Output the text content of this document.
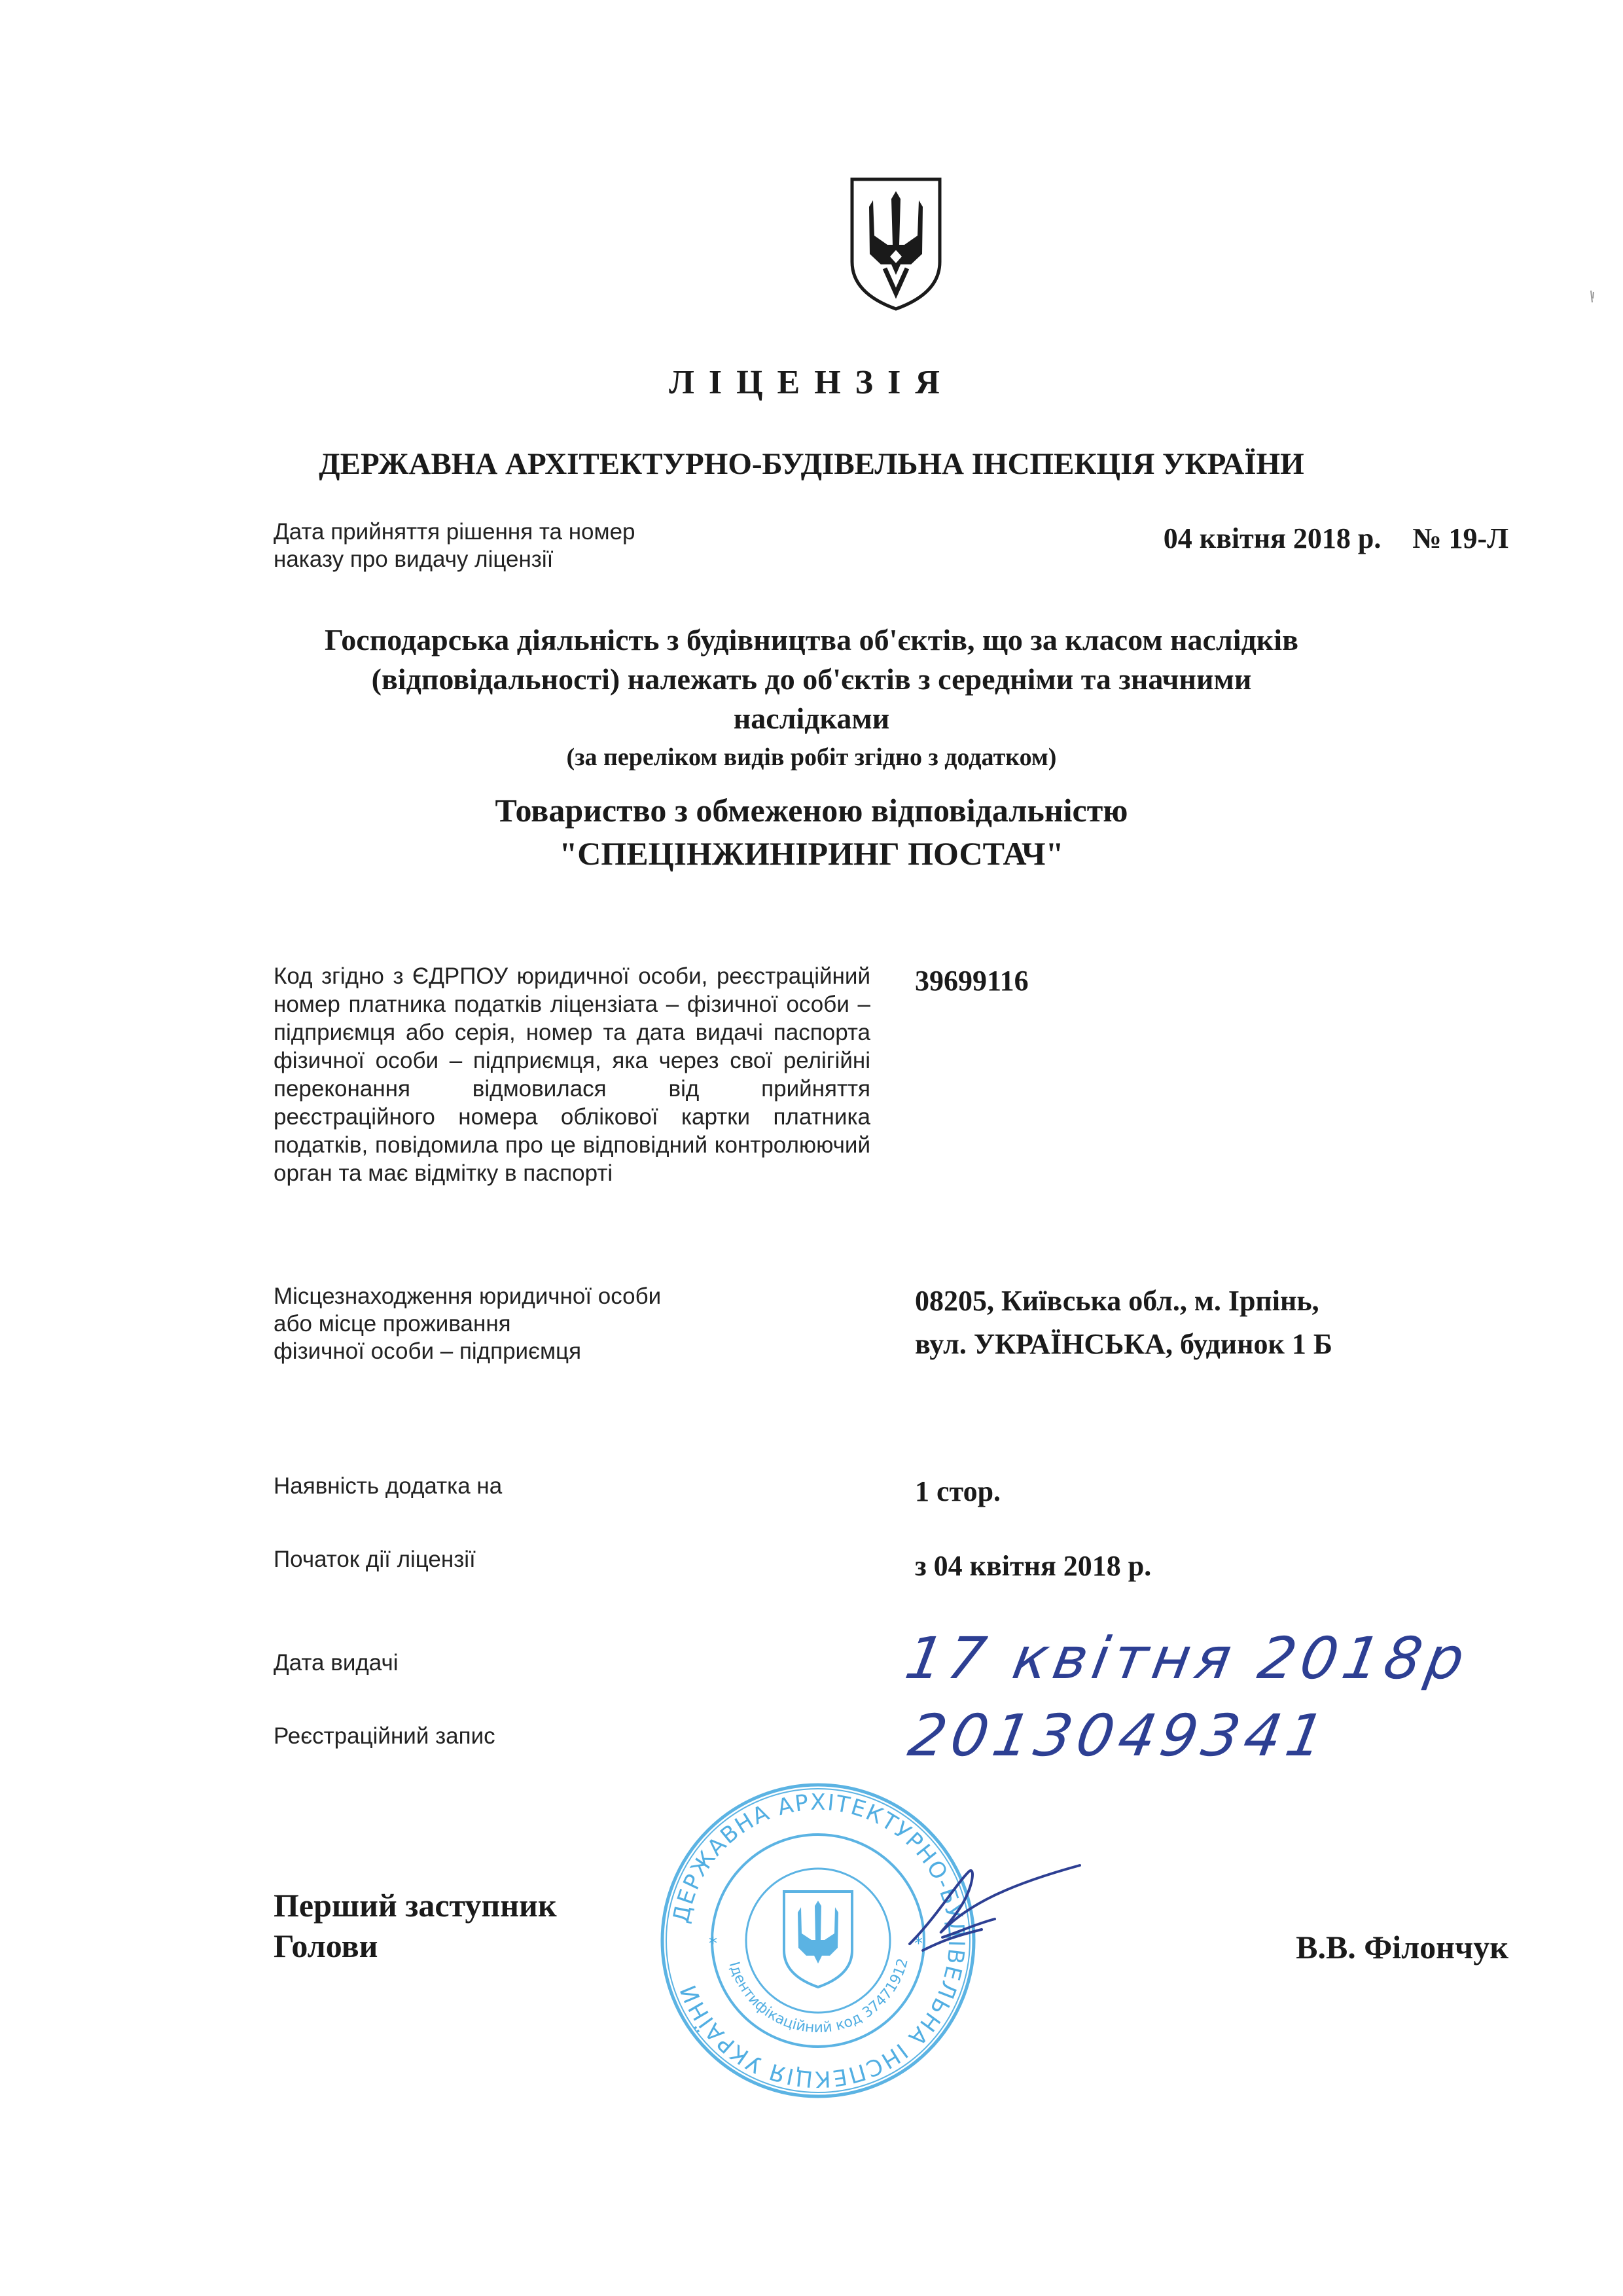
ЛІЦЕНЗІЯ
ДЕРЖАВНА АРХІТЕКТУРНО-БУДІВЕЛЬНА ІНСПЕКЦІЯ УКРАЇНИ
Дата прийняття рішення та номер
наказу про видачу ліцензії
04 квітня 2018 р. № 19-Л
Господарська діяльність з будівництва об'єктів, що за класом наслідків
(відповідальності) належать до об'єктів з середніми та значними
наслідками
(за переліком видів робіт згідно з додатком)
Товариство з обмеженою відповідальністю
"СПЕЦІНЖИНІРИНГ ПОСТАЧ"
Код згідно з ЄДРПОУ юридичної особи, реєстраційний номер платника податків ліцензіата – фізичної особи – підприємця або серія, номер та дата видачі паспорта фізичної особи – підприємця, яка через свої релігійні переконання відмовилася від прийняття реєстраційного номера облікової картки платника податків, повідомила про це відповідний контролюючий орган та має відмітку в паспорті
39699116
Місцезнаходження юридичної особи
або місце проживання
фізичної особи – підприємця
08205, Київська обл., м. Ірпінь,
вул. УКРАЇНСЬКА, будинок 1 Б
Наявність додатка на	1 стор.
Початок дії ліцензії	з 04 квітня 2018 р.
Дата видачі	17 квітня 2018р
Реєстраційний запис	2013049341
ДЕРЖАВНА АРХІТЕКТУРНО-БУДІВЕЛЬНА ІНСПЕКЦІЯ УКРАЇНИ
Ідентифікаційний код 37471912
*	*
Перший заступник
Голови	В.В. Філончук
